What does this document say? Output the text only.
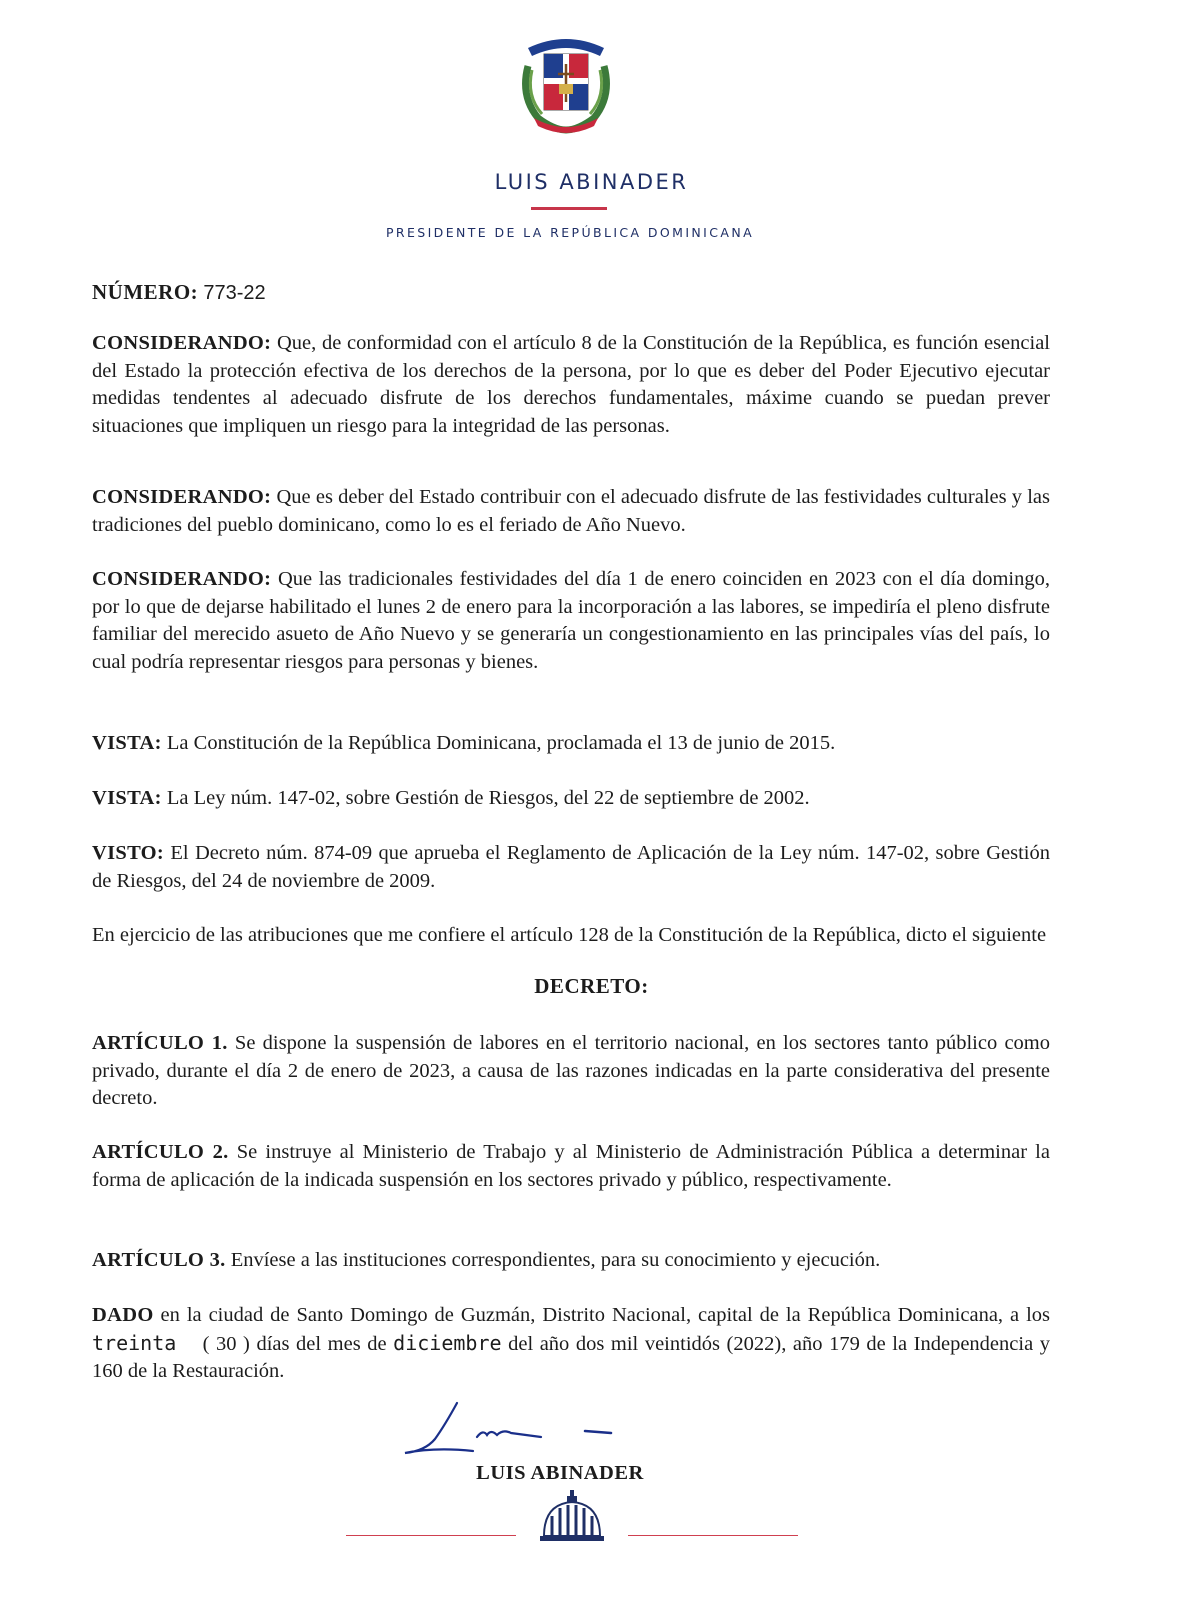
LUIS ABINADER
PRESIDENTE DE LA REPÚBLICA DOMINICANA
NÚMERO: 773-22

CONSIDERANDO: Que, de conformidad con el artículo 8 de la Constitución de la República, es función esencial del Estado la protección efectiva de los derechos de la persona, por lo que es deber del Poder Ejecutivo ejecutar medidas tendentes al adecuado disfrute de los derechos fundamentales, máxime cuando se puedan prever situaciones que impliquen un riesgo para la integridad de las personas.

CONSIDERANDO: Que es deber del Estado contribuir con el adecuado disfrute de las festividades culturales y las tradiciones del pueblo dominicano, como lo es el feriado de Año Nuevo.

CONSIDERANDO: Que las tradicionales festividades del día 1 de enero coinciden en 2023 con el día domingo, por lo que de dejarse habilitado el lunes 2 de enero para la incorporación a las labores, se impediría el pleno disfrute familiar del merecido asueto de Año Nuevo y se generaría un congestionamiento en las principales vías del país, lo cual podría representar riesgos para personas y bienes.

VISTA: La Constitución de la República Dominicana, proclamada el 13 de junio de 2015.

VISTA: La Ley núm. 147-02, sobre Gestión de Riesgos, del 22 de septiembre de 2002.

VISTO: El Decreto núm. 874-09 que aprueba el Reglamento de Aplicación de la Ley núm. 147-02, sobre Gestión de Riesgos, del 24 de noviembre de 2009.

En ejercicio de las atribuciones que me confiere el artículo 128 de la Constitución de la República, dicto el siguiente

DECRETO:

ARTÍCULO 1. Se dispone la suspensión de labores en el territorio nacional, en los sectores tanto público como privado, durante el día 2 de enero de 2023, a causa de las razones indicadas en la parte considerativa del presente decreto.

ARTÍCULO 2. Se instruye al Ministerio de Trabajo y al Ministerio de Administración Pública a determinar la forma de aplicación de la indicada suspensión en los sectores privado y público, respectivamente.

ARTÍCULO 3. Envíese a las instituciones correspondientes, para su conocimiento y ejecución.

DADO en la ciudad de Santo Domingo de Guzmán, Distrito Nacional, capital de la República Dominicana, a los treinta ( 30 ) días del mes de diciembre del año dos mil veintidós (2022), año 179 de la Independencia y 160 de la Restauración.

LUIS ABINADER
